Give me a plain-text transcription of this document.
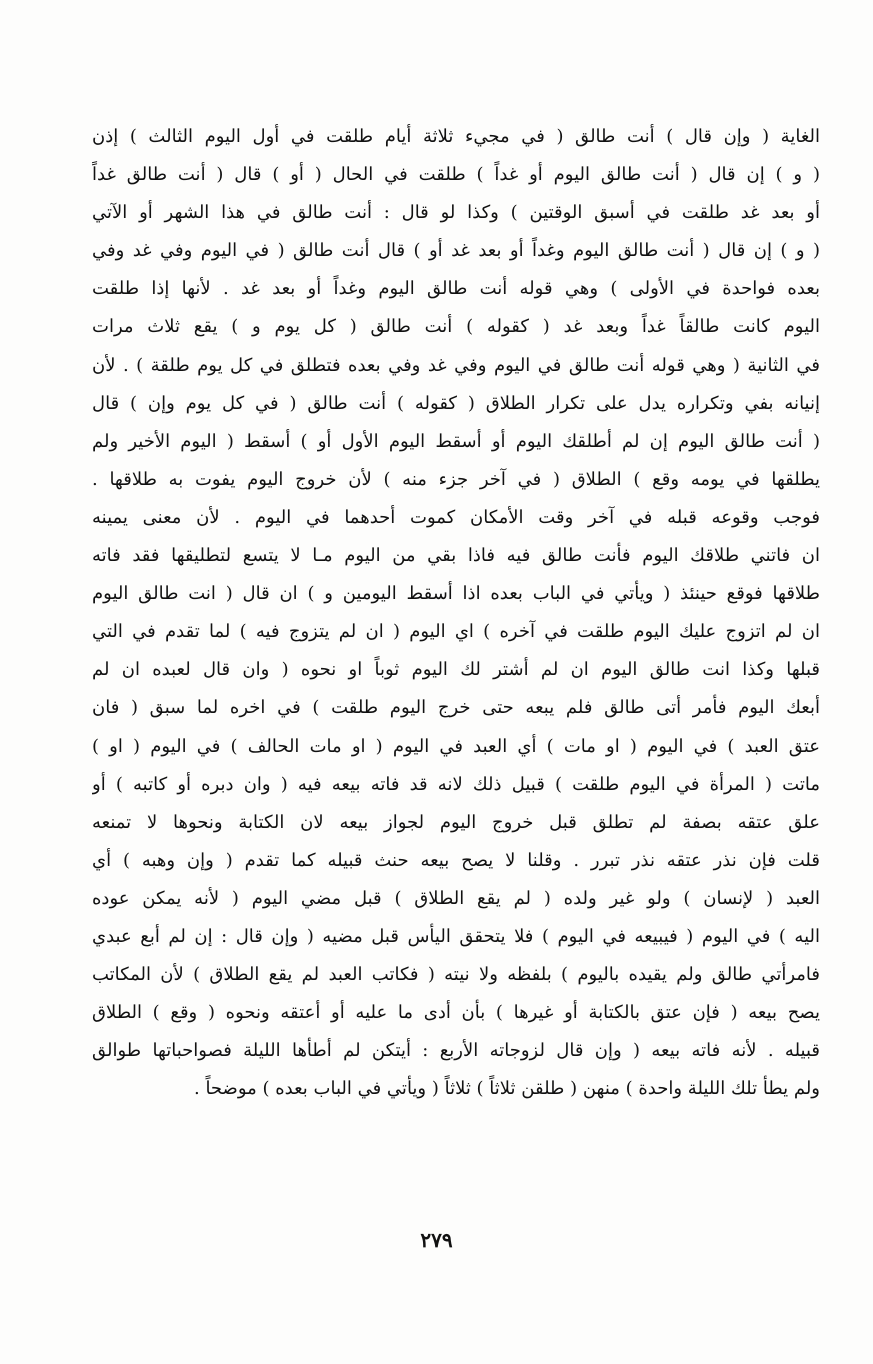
الغاية ( وإن قال ) أنت طالق ( في مجيء ثلاثة أيام طلقت في أول اليوم الثالث ) إذن
( و ) إن قال ( أنت طالق اليوم أو غداً ) طلقت في الحال ( أو ) قال ( أنت طالق غداً
أو بعد غد طلقت في أسبق الوقتين ) وكذا لو قال : أنت طالق في هذا الشهر أو الآتي
( و ) إن قال ( أنت طالق اليوم وغداً أو بعد غد أو ) قال أنت طالق ( في اليوم وفي غد وفي
بعده فواحدة في الأولى ) وهي قوله أنت طالق اليوم وغداً أو بعد غد . لأنها إذا طلقت
اليوم كانت طالقاً غداً وبعد غد ( كقوله ) أنت طالق ( كل يوم و ) يقع ثلاث مرات
في الثانية ( وهي قوله أنت طالق في اليوم وفي غد وفي بعده فتطلق في كل يوم طلقة ) . لأن
إنيانه بفي وتكراره يدل على تكرار الطلاق ( كقوله ) أنت طالق ( في كل يوم وإن ) قال
( أنت طالق اليوم إن لم أطلقك اليوم أو أسقط اليوم الأول أو ) أسقط ( اليوم الأخير ولم
يطلقها في يومه وقع ) الطلاق ( في آخر جزء منه ) لأن خروج اليوم يفوت به طلاقها .
فوجب وقوعه قبله في آخر وقت الأمكان كموت أحدهما في اليوم . لأن معنى يمينه
ان فاتني طلاقك اليوم فأنت طالق فيه فاذا بقي من اليوم مـا لا يتسع لتطليقها فقد فاته
طلاقها فوقع حينئذ ( ويأتي في الباب بعده اذا أسقط اليومين و ) ان قال ( انت طالق اليوم
ان لم اتزوج عليك اليوم طلقت في آخره ) اي اليوم ( ان لم يتزوج فيه ) لما تقدم في التي
قبلها وكذا انت طالق اليوم ان لم أشتر لك اليوم ثوباً او نحوه ( وان قال لعبده ان لم
أبعك اليوم فأمر أتى طالق فلم يبعه حتى خرج اليوم طلقت ) في اخره لما سبق ( فان
عتق العبد ) في اليوم ( او مات ) أي العبد في اليوم ( او مات الحالف ) في اليوم ( او )
ماتت ( المرأة في اليوم طلقت ) قبيل ذلك لانه قد فاته بيعه فيه ( وان دبره أو كاتبه ) أو
علق عتقه بصفة لم تطلق قبل خروج اليوم لجواز بيعه لان الكتابة ونحوها لا تمنعه
قلت فإن نذر عتقه نذر تبرر . وقلنا لا يصح بيعه حنث قبيله كما تقدم ( وإن وهبه ) أي
العبد ( لإنسان ) ولو غير ولده ( لم يقع الطلاق ) قبل مضي اليوم ( لأنه يمكن عوده
اليه ) في اليوم ( فيبيعه في اليوم ) فلا يتحقق اليأس قبل مضيه ( وإن قال : إن لم أبع عبدي
فامرأتي طالق ولم يقيده باليوم ) بلفظه ولا نيته ( فكاتب العبد لم يقع الطلاق ) لأن المكاتب
يصح بيعه ( فإن عتق بالكتابة أو غيرها ) بأن أدى ما عليه أو أعتقه ونحوه ( وقع ) الطلاق
قبيله . لأنه فاته بيعه ( وإن قال لزوجاته الأربع : أيتكن لم أطأها الليلة فصواحباتها طوالق
ولم يطأ تلك الليلة واحدة ) منهن ( طلقن ثلاثاً ) ثلاثاً ( ويأتي في الباب بعده ) موضحاً .
٢٧٩
